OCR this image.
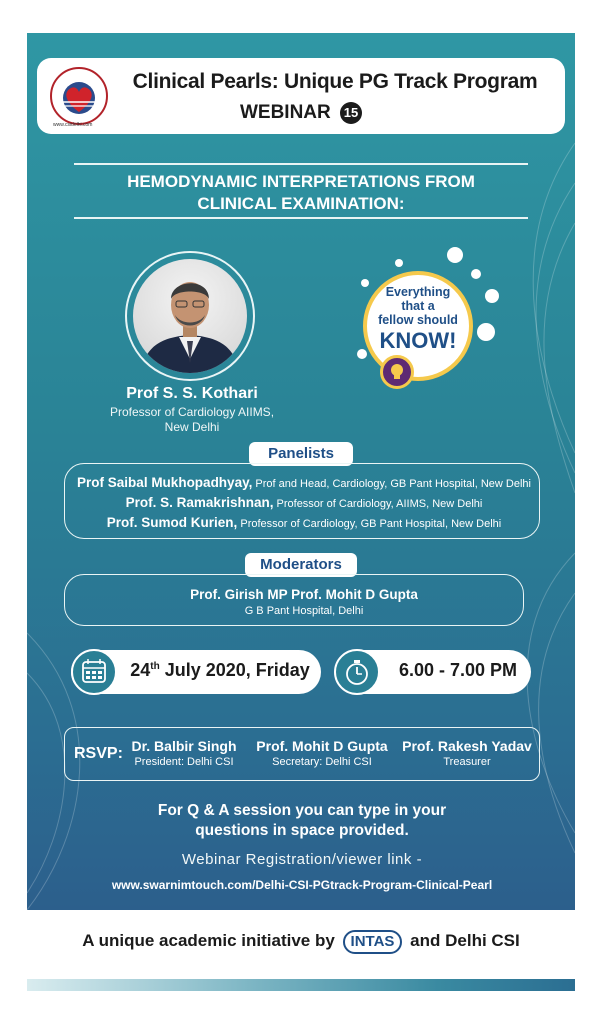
www.csidelhi.com
Clinical Pearls: Unique PG Track Program
WEBINAR 15
HEMODYNAMIC INTERPRETATIONS FROM
CLINICAL EXAMINATION:
Prof S. S. Kothari
Professor of Cardiology AIIMS,
New Delhi
Everything
that a
fellow should
KNOW!
Panelists
Prof Saibal Mukhopadhyay, Prof and Head, Cardiology, GB Pant Hospital, New Delhi
Prof. S. Ramakrishnan, Professor of Cardiology, AIIMS, New Delhi
Prof. Sumod Kurien, Professor of Cardiology, GB Pant Hospital, New Delhi
Moderators
Prof. Girish MP Prof. Mohit D Gupta
G B Pant Hospital, Delhi
24th July 2020, Friday	6.00 - 7.00 PM
RSVP: Dr. Balbir Singh
President: Delhi CSI
Prof. Mohit D Gupta
Secretary: Delhi CSI
Prof. Rakesh Yadav
Treasurer
For Q & A session you can type in your
questions in space provided.
Webinar Registration/viewer link -
www.swarnimtouch.com/Delhi-CSI-PGtrack-Program-Clinical-Pearl
A unique academic initiative by INTAS and Delhi CSI
